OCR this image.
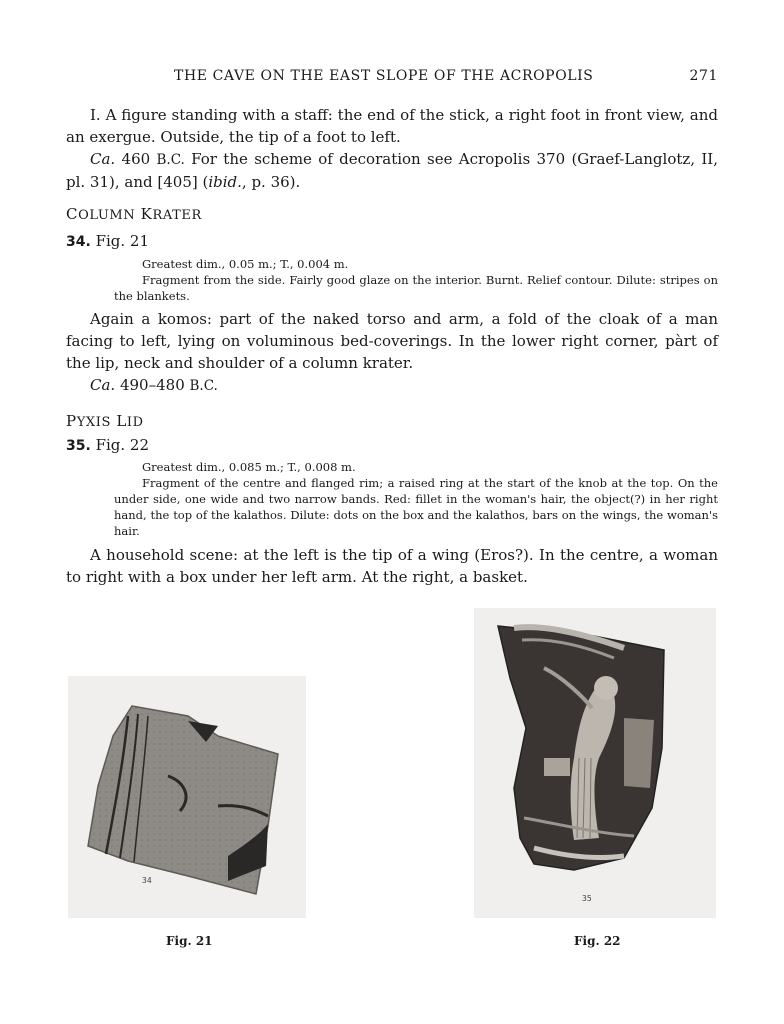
THE CAVE ON THE EAST SLOPE OF THE ACROPOLIS	271

I. A figure standing with a staff: the end of the stick, a right foot in front view, and an exergue. Outside, the tip of a foot to left.

Ca. 460 B.C. For the scheme of decoration see Acropolis 370 (Graef-Langlotz, II, pl. 31), and [405] (ibid., p. 36).

COLUMN KRATER
34. Fig. 21

Greatest dim., 0.05 m.; T., 0.004 m.

Fragment from the side. Fairly good glaze on the interior. Burnt. Relief contour. Dilute: stripes on the blankets.

Again a komos: part of the naked torso and arm, a fold of the cloak of a man facing to left, lying on voluminous bed-coverings. In the lower right corner, pàrt of the lip, neck and shoulder of a column krater.

Ca. 490–480 B.C.

PYXIS LID
35. Fig. 22

Greatest dim., 0.085 m.; T., 0.008 m.

Fragment of the centre and flanged rim; a raised ring at the start of the knob at the top. On the under side, one wide and two narrow bands. Red: fillet in the woman's hair, the object(?) in her right hand, the top of the kalathos. Dilute: dots on the box and the kalathos, bars on the wings, the woman's hair.

A household scene: at the left is the tip of a wing (Eros?). In the centre, a woman to right with a box under her left arm. At the right, a basket.

34
Fig. 21
35
Fig. 22
